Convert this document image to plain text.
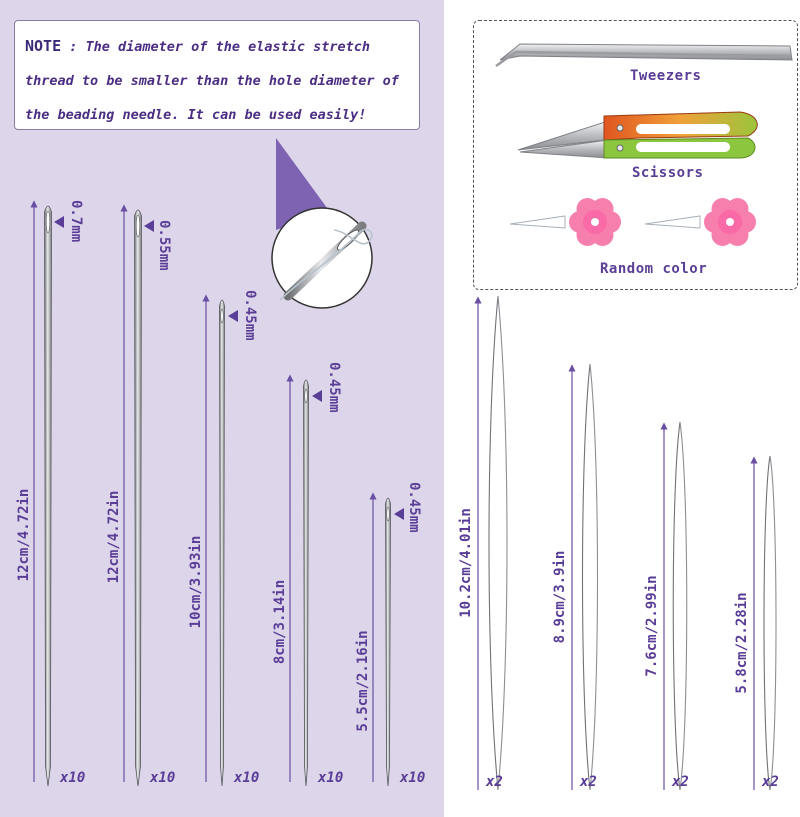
NOTE : The diameter of the elastic stretch thread to be smaller than the hole diameter of the beading needle. It can be used easily!
Tweezers
Scissors
Random color
0.7mm
12cm/4.72in
x10
0.55mm
12cm/4.72in
x10
0.45mm
10cm/3.93in
x10
0.45mm
8cm/3.14in
x10
0.45mm
5.5cm/2.16in
x10
10.2cm/4.01in
x2
8.9cm/3.9in
x2
7.6cm/2.99in
x2
5.8cm/2.28in
x2
